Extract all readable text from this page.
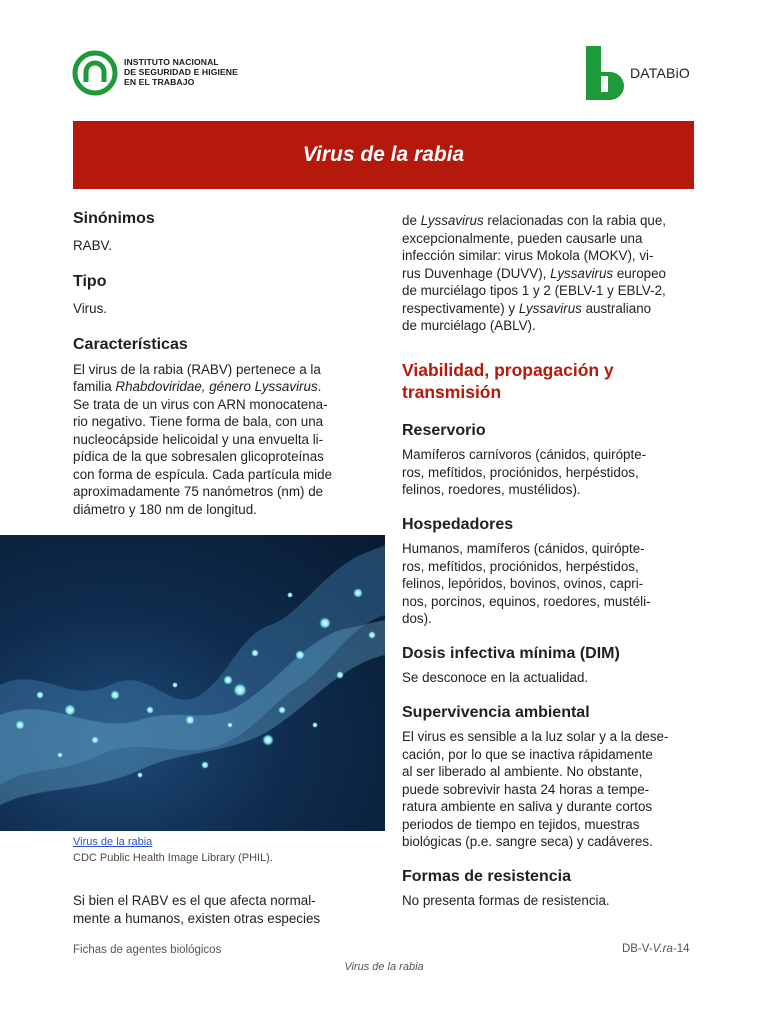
INSTITUTO NACIONAL
DE SEGURIDAD E HIGIENE
EN EL TRABAJO
DATABiO
Virus de la rabia
Sinónimos

RABV.

Tipo

Virus.

Características

El virus de la rabia (RABV) pertenece a la

familia Rhabdoviridae, género Lyssavirus.

Se trata de un virus con ARN monocatena-

rio negativo. Tiene forma de bala, con una

nucleocápside helicoidal y una envuelta li-

pídica de la que sobresalen glicoproteínas

con forma de espícula. Cada partícula mide

aproximadamente 75 nanómetros (nm) de

diámetro y 180 nm de longitud.

Virus de la rabia
CDC Public Health Image Library (PHIL).

Si bien el RABV es el que afecta normal-

mente a humanos, existen otras especies

de Lyssavirus relacionadas con la rabia que,

excepcionalmente, pueden causarle una

infección similar: virus Mokola (MOKV), vi-

rus Duvenhage (DUVV), Lyssavirus europeo

de murciélago tipos 1 y 2 (EBLV-1 y EBLV-2,

respectivamente) y Lyssavirus australiano

de murciélago (ABLV).

Viabilidad, propagación y transmisión
Reservorio

Mamíferos carnívoros (cánidos, quirópte-

ros, mefítidos, prociónidos, herpéstidos,

felinos, roedores, mustélidos).

Hospedadores

Humanos, mamíferos (cánidos, quirópte-

ros, mefítidos, prociónidos, herpéstidos,

felinos, lepóridos, bovinos, ovinos, capri-

nos, porcinos, equinos, roedores, mustéli-

dos).

Dosis infectiva mínima (DIM)

Se desconoce en la actualidad.

Supervivencia ambiental

El virus es sensible a la luz solar y a la dese-

cación, por lo que se inactiva rápidamente

al ser liberado al ambiente. No obstante,

puede sobrevivir hasta 24 horas a tempe-

ratura ambiente en saliva y durante cortos

periodos de tiempo en tejidos, muestras

biológicas (p.e. sangre seca) y cadáveres.

Formas de resistencia

No presenta formas de resistencia.

Fichas de agentes biológicos	DB-V-V.ra-14
Virus de la rabia
